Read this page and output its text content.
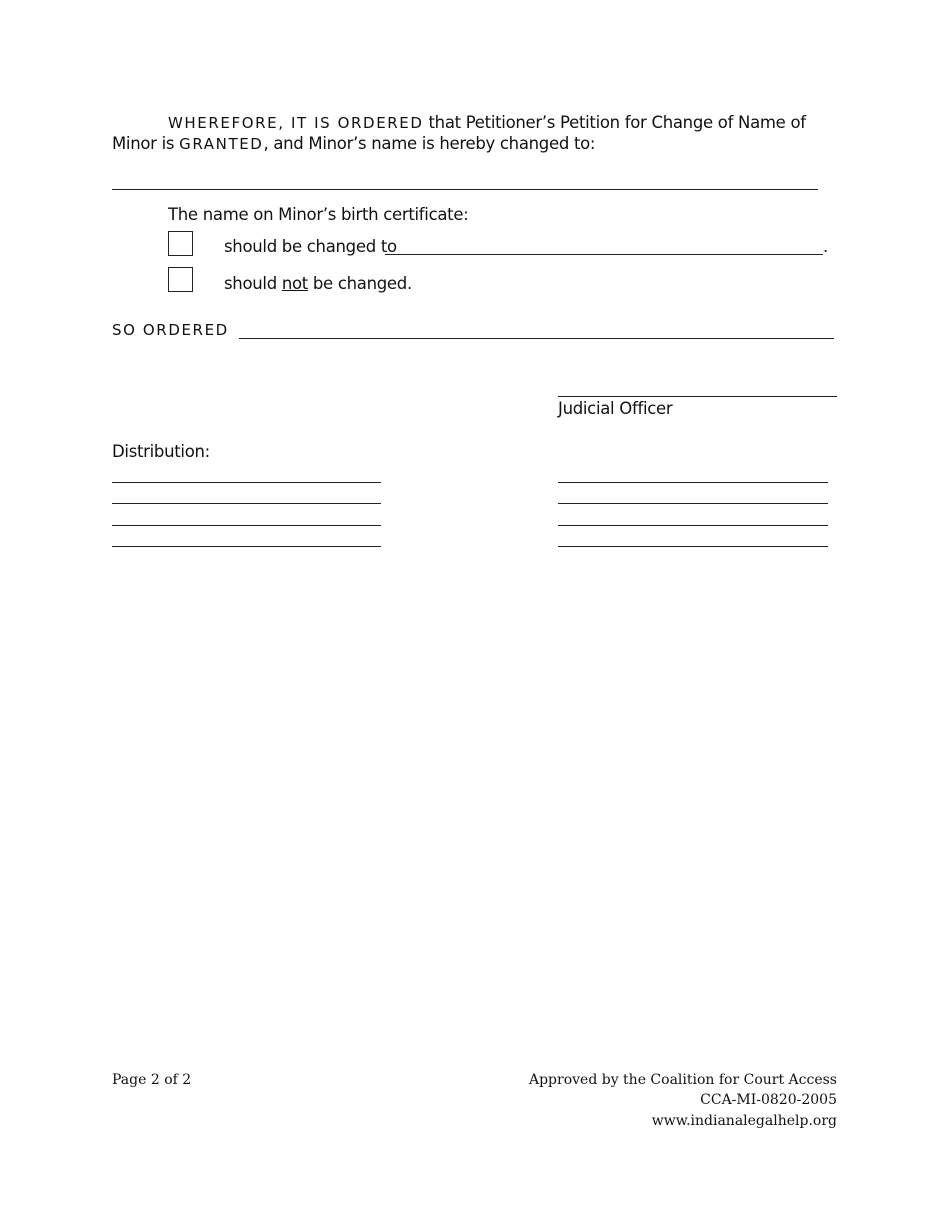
WHEREFORE, IT IS ORDERED that Petitioner’s Petition for Change of Name of
Minor is GRANTED, and Minor’s name is hereby changed to:
The name on Minor’s birth certificate:
should be changed to	.
should not be changed.
SO ORDERED
Judicial Officer
Distribution:
Page 2 of 2	Approved by the Coalition for Court Access
CCA-MI-0820-2005
www.indianalegalhelp.org
